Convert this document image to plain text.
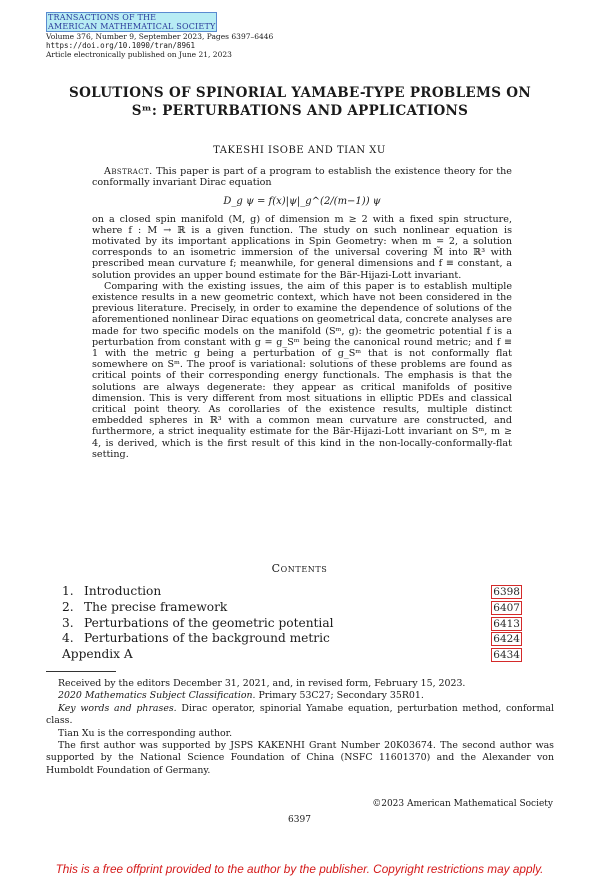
TRANSACTIONS OF THE
AMERICAN MATHEMATICAL SOCIETY
Volume 376, Number 9, September 2023, Pages 6397–6446
https://doi.org/10.1090/tran/8961
Article electronically published on June 21, 2023
SOLUTIONS OF SPINORIAL YAMABE-TYPE PROBLEMS ON
Sᵐ: PERTURBATIONS AND APPLICATIONS
TAKESHI ISOBE AND TIAN XU

Abstract. This paper is part of a program to establish the existence theory for the conformally invariant Dirac equation

D_g ψ = f(x)|ψ|_g^(2/(m−1)) ψ

on a closed spin manifold (M, g) of dimension m ≥ 2 with a fixed spin structure, where f : M → ℝ is a given function. The study on such nonlinear equation is motivated by its important applications in Spin Geometry: when m = 2, a solution corresponds to an isometric immersion of the universal covering M̃ into ℝ³ with prescribed mean curvature f; meanwhile, for general dimensions and f ≡ constant, a solution provides an upper bound estimate for the Bär-Hijazi-Lott invariant.

Comparing with the existing issues, the aim of this paper is to establish multiple existence results in a new geometric context, which have not been considered in the previous literature. Precisely, in order to examine the dependence of solutions of the aforementioned nonlinear Dirac equations on geometrical data, concrete analyses are made for two specific models on the manifold (Sᵐ, g): the geometric potential f is a perturbation from constant with g = g_Sᵐ being the canonical round metric; and f ≡ 1 with the metric g being a perturbation of g_Sᵐ that is not conformally flat somewhere on Sᵐ. The proof is variational: solutions of these problems are found as critical points of their corresponding energy functionals. The emphasis is that the solutions are always degenerate: they appear as critical manifolds of positive dimension. This is very different from most situations in elliptic PDEs and classical critical point theory. As corollaries of the existence results, multiple distinct embedded spheres in ℝ³ with a common mean curvature are constructed, and furthermore, a strict inequality estimate for the Bär-Hijazi-Lott invariant on Sᵐ, m ≥ 4, is derived, which is the first result of this kind in the non-locally-conformally-flat setting.

Contents
1. Introduction	6398
2. The precise framework	6407
3. Perturbations of the geometric potential	6413
4. Perturbations of the background metric	6424
Appendix A	6434

Received by the editors December 31, 2021, and, in revised form, February 15, 2023.

2020 Mathematics Subject Classification. Primary 53C27; Secondary 35R01.

Key words and phrases. Dirac operator, spinorial Yamabe equation, perturbation method, conformal class.

Tian Xu is the corresponding author.

The first author was supported by JSPS KAKENHI Grant Number 20K03674. The second author was supported by the National Science Foundation of China (NSFC 11601370) and the Alexander von Humboldt Foundation of Germany.

©2023 American Mathematical Society
6397
This is a free offprint provided to the author by the publisher. Copyright restrictions may apply.
